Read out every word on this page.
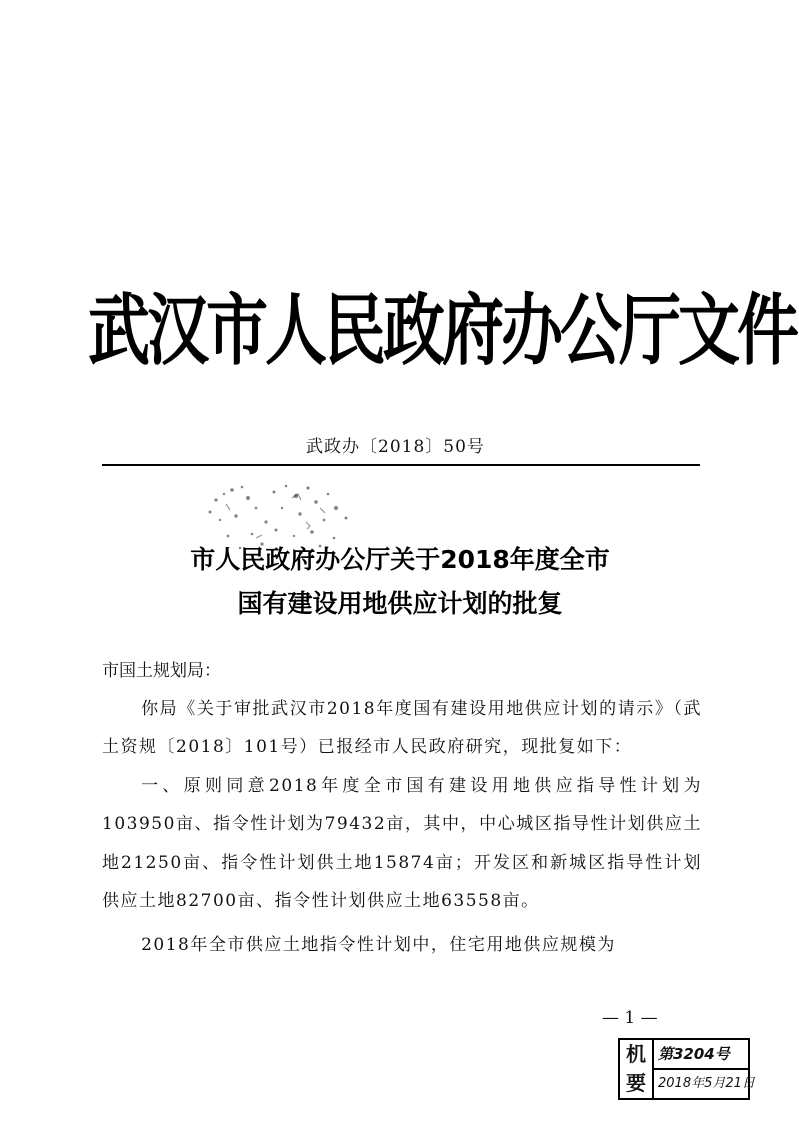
武汉市人民政府办公厅文件
武政办〔2018〕50号
市人民政府办公厅关于2018年度全市
国有建设用地供应计划的批复
市国土规划局：

你局《关于审批武汉市2018年度国有建设用地供应计划的请示》（武土资规〔2018〕101号）已报经市人民政府研究，现批复如下：

一、原则同意2018年度全市国有建设用地供应指导性计划为103950亩、指令性计划为79432亩，其中，中心城区指导性计划供应土地21250亩、指令性计划供土地15874亩；开发区和新城区指导性计划供应土地82700亩、指令性计划供应土地63558亩。

2018年全市供应土地指令性计划中，住宅用地供应规模为

— 1 —
机
要
第3204号
2018年5月21日
